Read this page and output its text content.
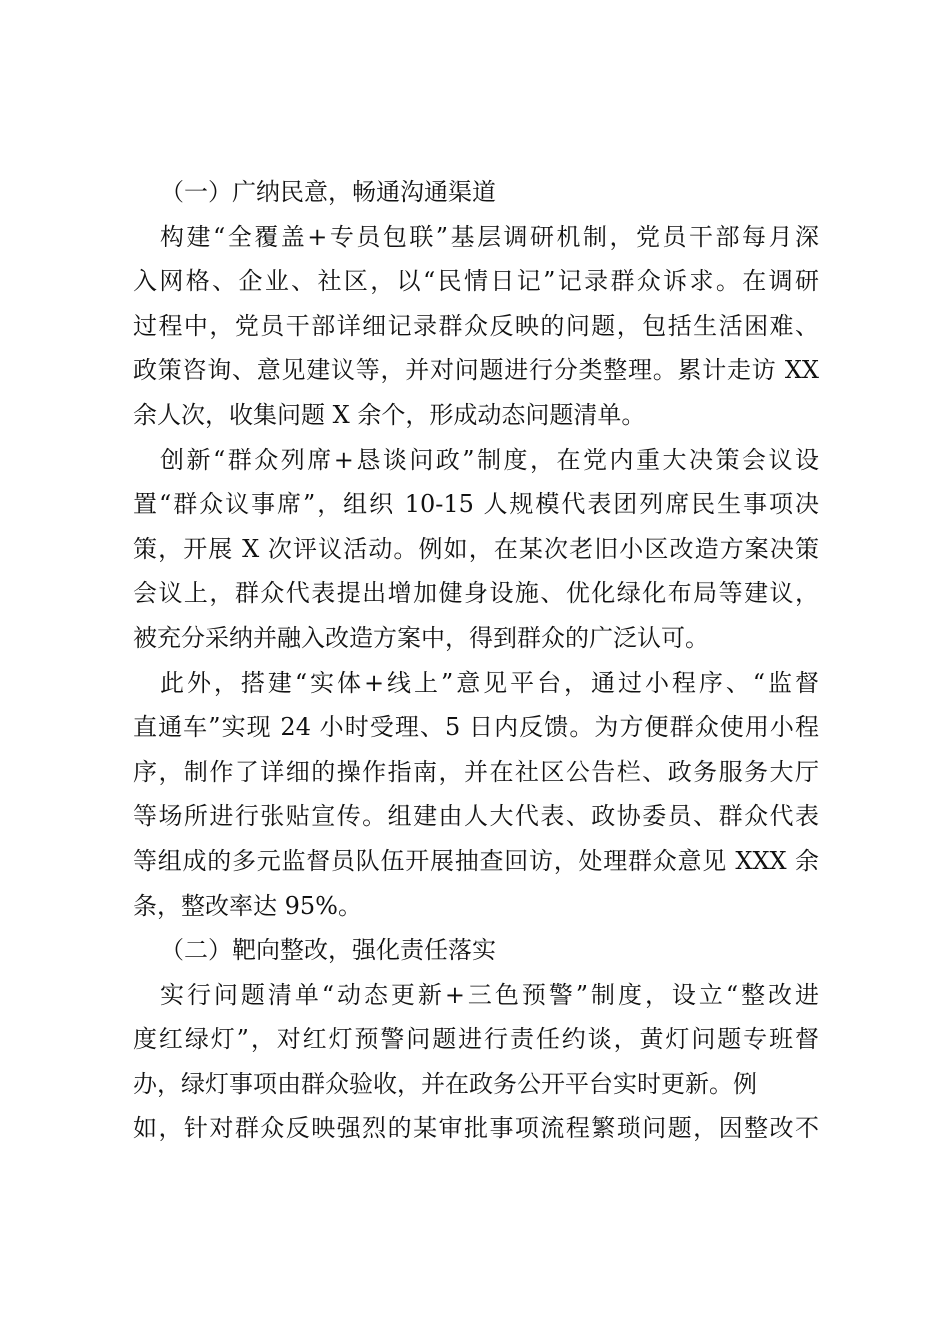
（一）广纳民意，畅通沟通渠道
构建“全覆盖+专员包联”基层调研机制，党员干部每月深
入网格、企业、社区，以“民情日记”记录群众诉求。在调研
过程中，党员干部详细记录群众反映的问题，包括生活困难、
政策咨询、意见建议等，并对问题进行分类整理。累计走访 XX
余人次，收集问题 X 余个，形成动态问题清单。
创新“群众列席+恳谈问政”制度，在党内重大决策会议设
置“群众议事席”，组织 10-15 人规模代表团列席民生事项决
策，开展 X 次评议活动。例如，在某次老旧小区改造方案决策
会议上，群众代表提出增加健身设施、优化绿化布局等建议，
被充分采纳并融入改造方案中，得到群众的广泛认可。
此外，搭建“实体+线上”意见平台，通过小程序、“监督
直通车”实现 24 小时受理、5 日内反馈。为方便群众使用小程
序，制作了详细的操作指南，并在社区公告栏、政务服务大厅
等场所进行张贴宣传。组建由人大代表、政协委员、群众代表
等组成的多元监督员队伍开展抽查回访，处理群众意见 XXX 余
条，整改率达 95%。
（二）靶向整改，强化责任落实
实行问题清单“动态更新+三色预警”制度，设立“整改进
度红绿灯”，对红灯预警问题进行责任约谈，黄灯问题专班督
办，绿灯事项由群众验收，并在政务公开平台实时更新。例
如，针对群众反映强烈的某审批事项流程繁琐问题，因整改不
